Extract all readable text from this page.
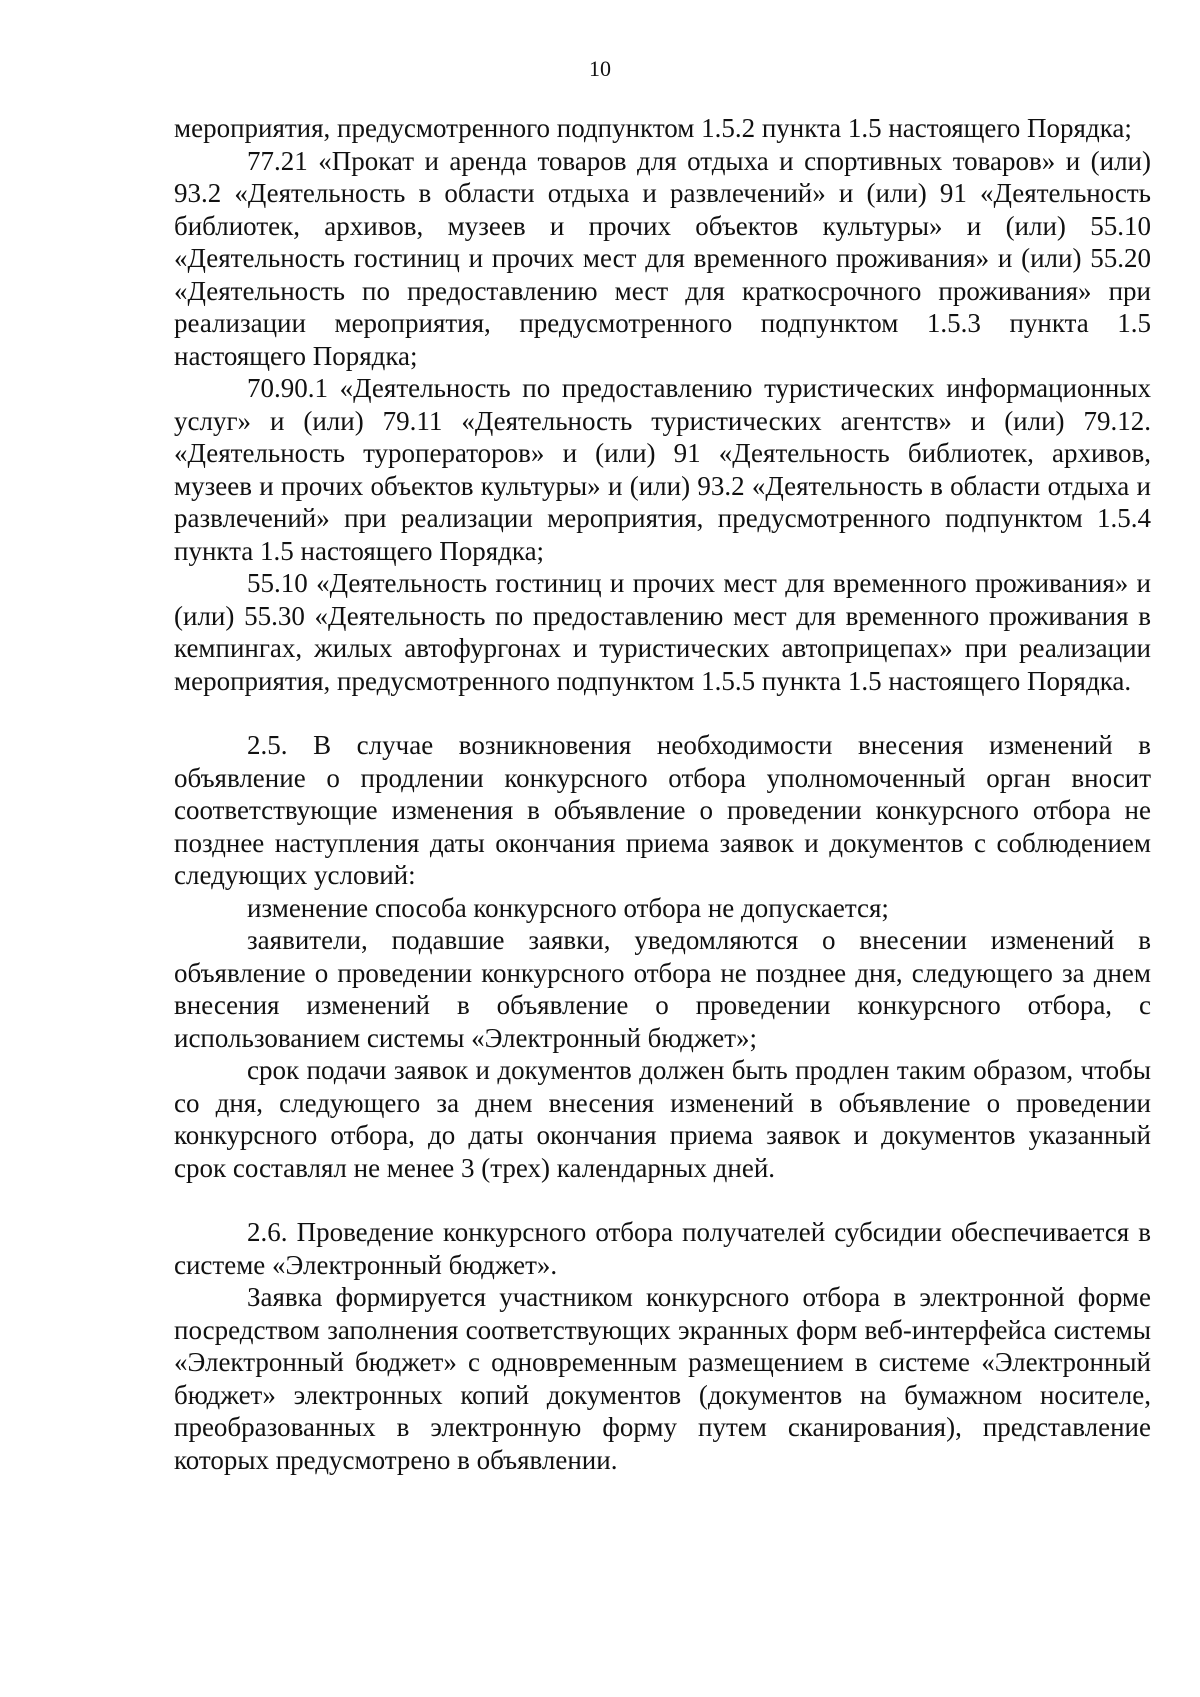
10

мероприятия, предусмотренного подпунктом 1.5.2 пункта 1.5 настоящего Порядка;

77.21 «Прокат и аренда товаров для отдыха и спортивных товаров» и (или) 93.2 «Деятельность в области отдыха и развлечений» и (или) 91 «Деятельность библиотек, архивов, музеев и прочих объектов культуры» и (или) 55.10 «Деятельность гостиниц и прочих мест для временного проживания» и (или) 55.20 «Деятельность по предоставлению мест для краткосрочного проживания» при реализации мероприятия, предусмотренного подпунктом 1.5.3 пункта 1.5 настоящего Порядка;

70.90.1 «Деятельность по предоставлению туристических информационных услуг» и (или) 79.11 «Деятельность туристических агентств» и (или) 79.12. «Деятельность туроператоров» и (или) 91 «Деятельность библиотек, архивов, музеев и прочих объектов культуры» и (или) 93.2 «Деятельность в области отдыха и развлечений» при реализации мероприятия, предусмотренного подпунктом 1.5.4 пункта 1.5 настоящего Порядка;

55.10 «Деятельность гостиниц и прочих мест для временного проживания» и (или) 55.30 «Деятельность по предоставлению мест для временного проживания в кемпингах, жилых автофургонах и туристических автоприцепах» при реализации мероприятия, предусмотренного подпунктом 1.5.5 пункта 1.5 настоящего Порядка.

2.5. В случае возникновения необходимости внесения изменений в объявление о продлении конкурсного отбора уполномоченный орган вносит соответствующие изменения в объявление о проведении конкурсного отбора не позднее наступления даты окончания приема заявок и документов с соблюдением следующих условий:

изменение способа конкурсного отбора не допускается;

заявители, подавшие заявки, уведомляются о внесении изменений в объявление о проведении конкурсного отбора не позднее дня, следующего за днем внесения изменений в объявление о проведении конкурсного отбора, с использованием системы «Электронный бюджет»;

срок подачи заявок и документов должен быть продлен таким образом, чтобы со дня, следующего за днем внесения изменений в объявление о проведении конкурсного отбора, до даты окончания приема заявок и документов указанный срок составлял не менее 3 (трех) календарных дней.

2.6. Проведение конкурсного отбора получателей субсидии обеспечивается в системе «Электронный бюджет».

Заявка формируется участником конкурсного отбора в электронной форме посредством заполнения соответствующих экранных форм веб-интерфейса системы «Электронный бюджет» с одновременным размещением в системе «Электронный бюджет» электронных копий документов (документов на бумажном носителе, преобразованных в электронную форму путем сканирования), представление которых предусмотрено в объявлении.
